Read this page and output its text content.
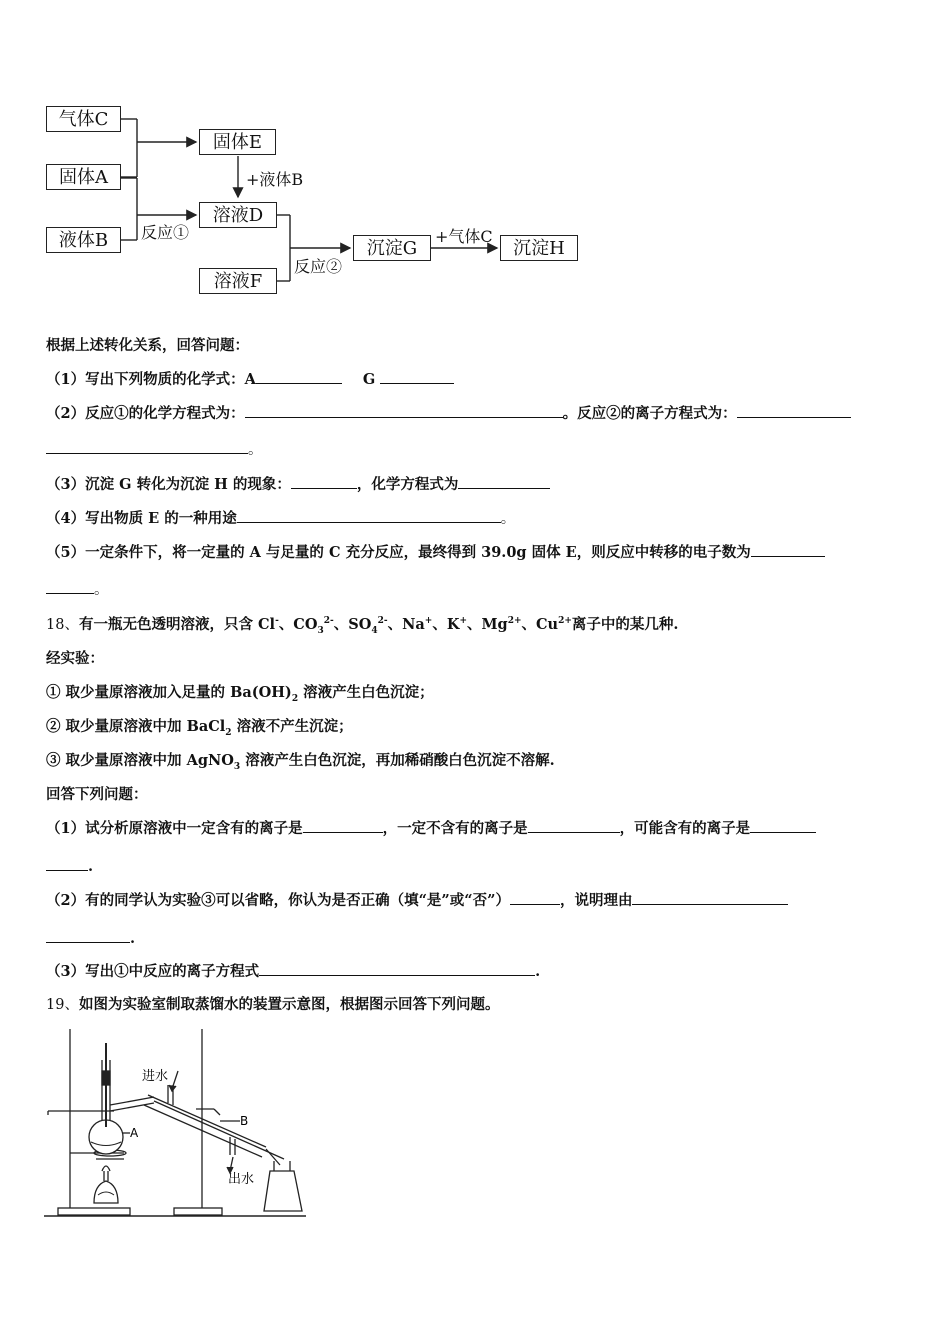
气体C
固体A
液体B
固体E
溶液D
溶液F
沉淀G	沉淀H
+液体B
反应①
反应②
+气体C
根据上述转化关系，回答问题：
（1）写出下列物质的化学式：A	G
（2）反应①的化学方程式为：	。反应②的离子方程式为：
。
（3）沉淀 G 转化为沉淀 H 的现象：	，化学方程式为
（4）写出物质 E 的一种用途	。
（5）一定条件下，将一定量的 A 与足量的 C 充分反应，最终得到 39.0g 固体 E，则反应中转移的电子数为
。
18、有一瓶无色透明溶液，只含 Cl-、$CO_3^{2-}$、$SO_4^{2-}$、Na+、K+、$Mg^{2+}$、$Cu^{2+}$离子中的某几种.
经实验：
① 取少量原溶液加入足量的 $Ba(OH)_2$ 溶液产生白色沉淀；
② 取少量原溶液中加 BaCl$_2$ 溶液不产生沉淀；
③ 取少量原溶液中加 AgNO$_3$ 溶液产生白色沉淀，再加稀硝酸白色沉淀不溶解.
回答下列问题：
（1）试分析原溶液中一定含有的离子是	，一定不含有的离子是	，可能含有的离子是
.
（2）有的同学认为实验③可以省略，你认为是否正确（填“是”或“否”）	，说明理由
.
（3）写出①中反应的离子方程式	.
19、如图为实验室制取蒸馏水的装置示意图，根据图示回答下列问题。
进水
出水
A
B
